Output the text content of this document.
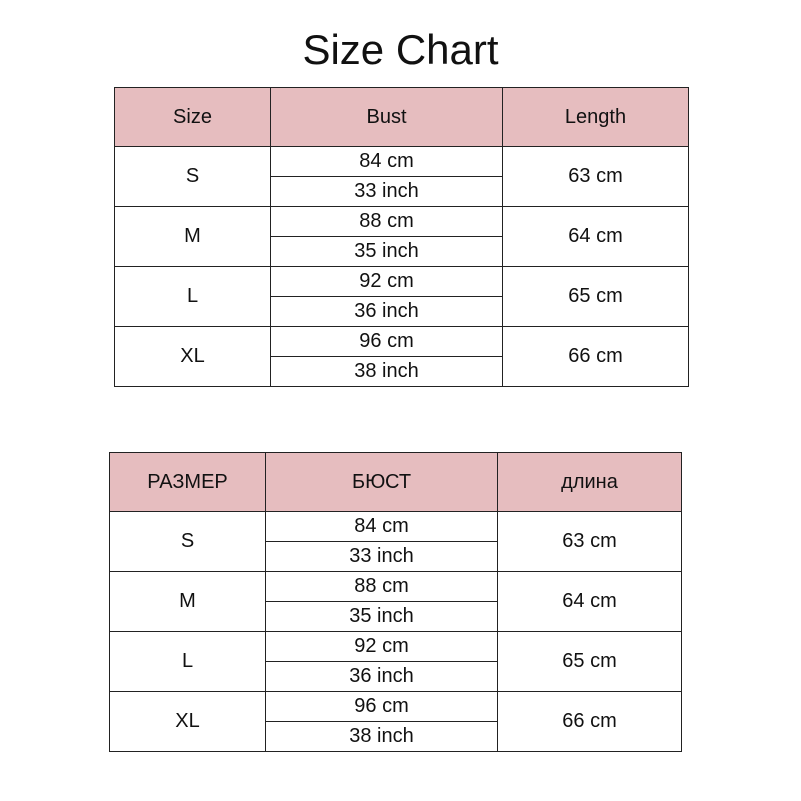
Size Chart
Size	Bust	Length
S	84 cm	63 cm
	33 inch	
M	88 cm	64 cm
	35 inch	
L	92 cm	65 cm
	36 inch	
XL	96 cm	66 cm
	38 inch	
РАЗМЕР	БЮСТ	длина
S	84 cm	63 cm
	33 inch	
M	88 cm	64 cm
	35 inch	
L	92 cm	65 cm
	36 inch	
XL	96 cm	66 cm
	38 inch	
